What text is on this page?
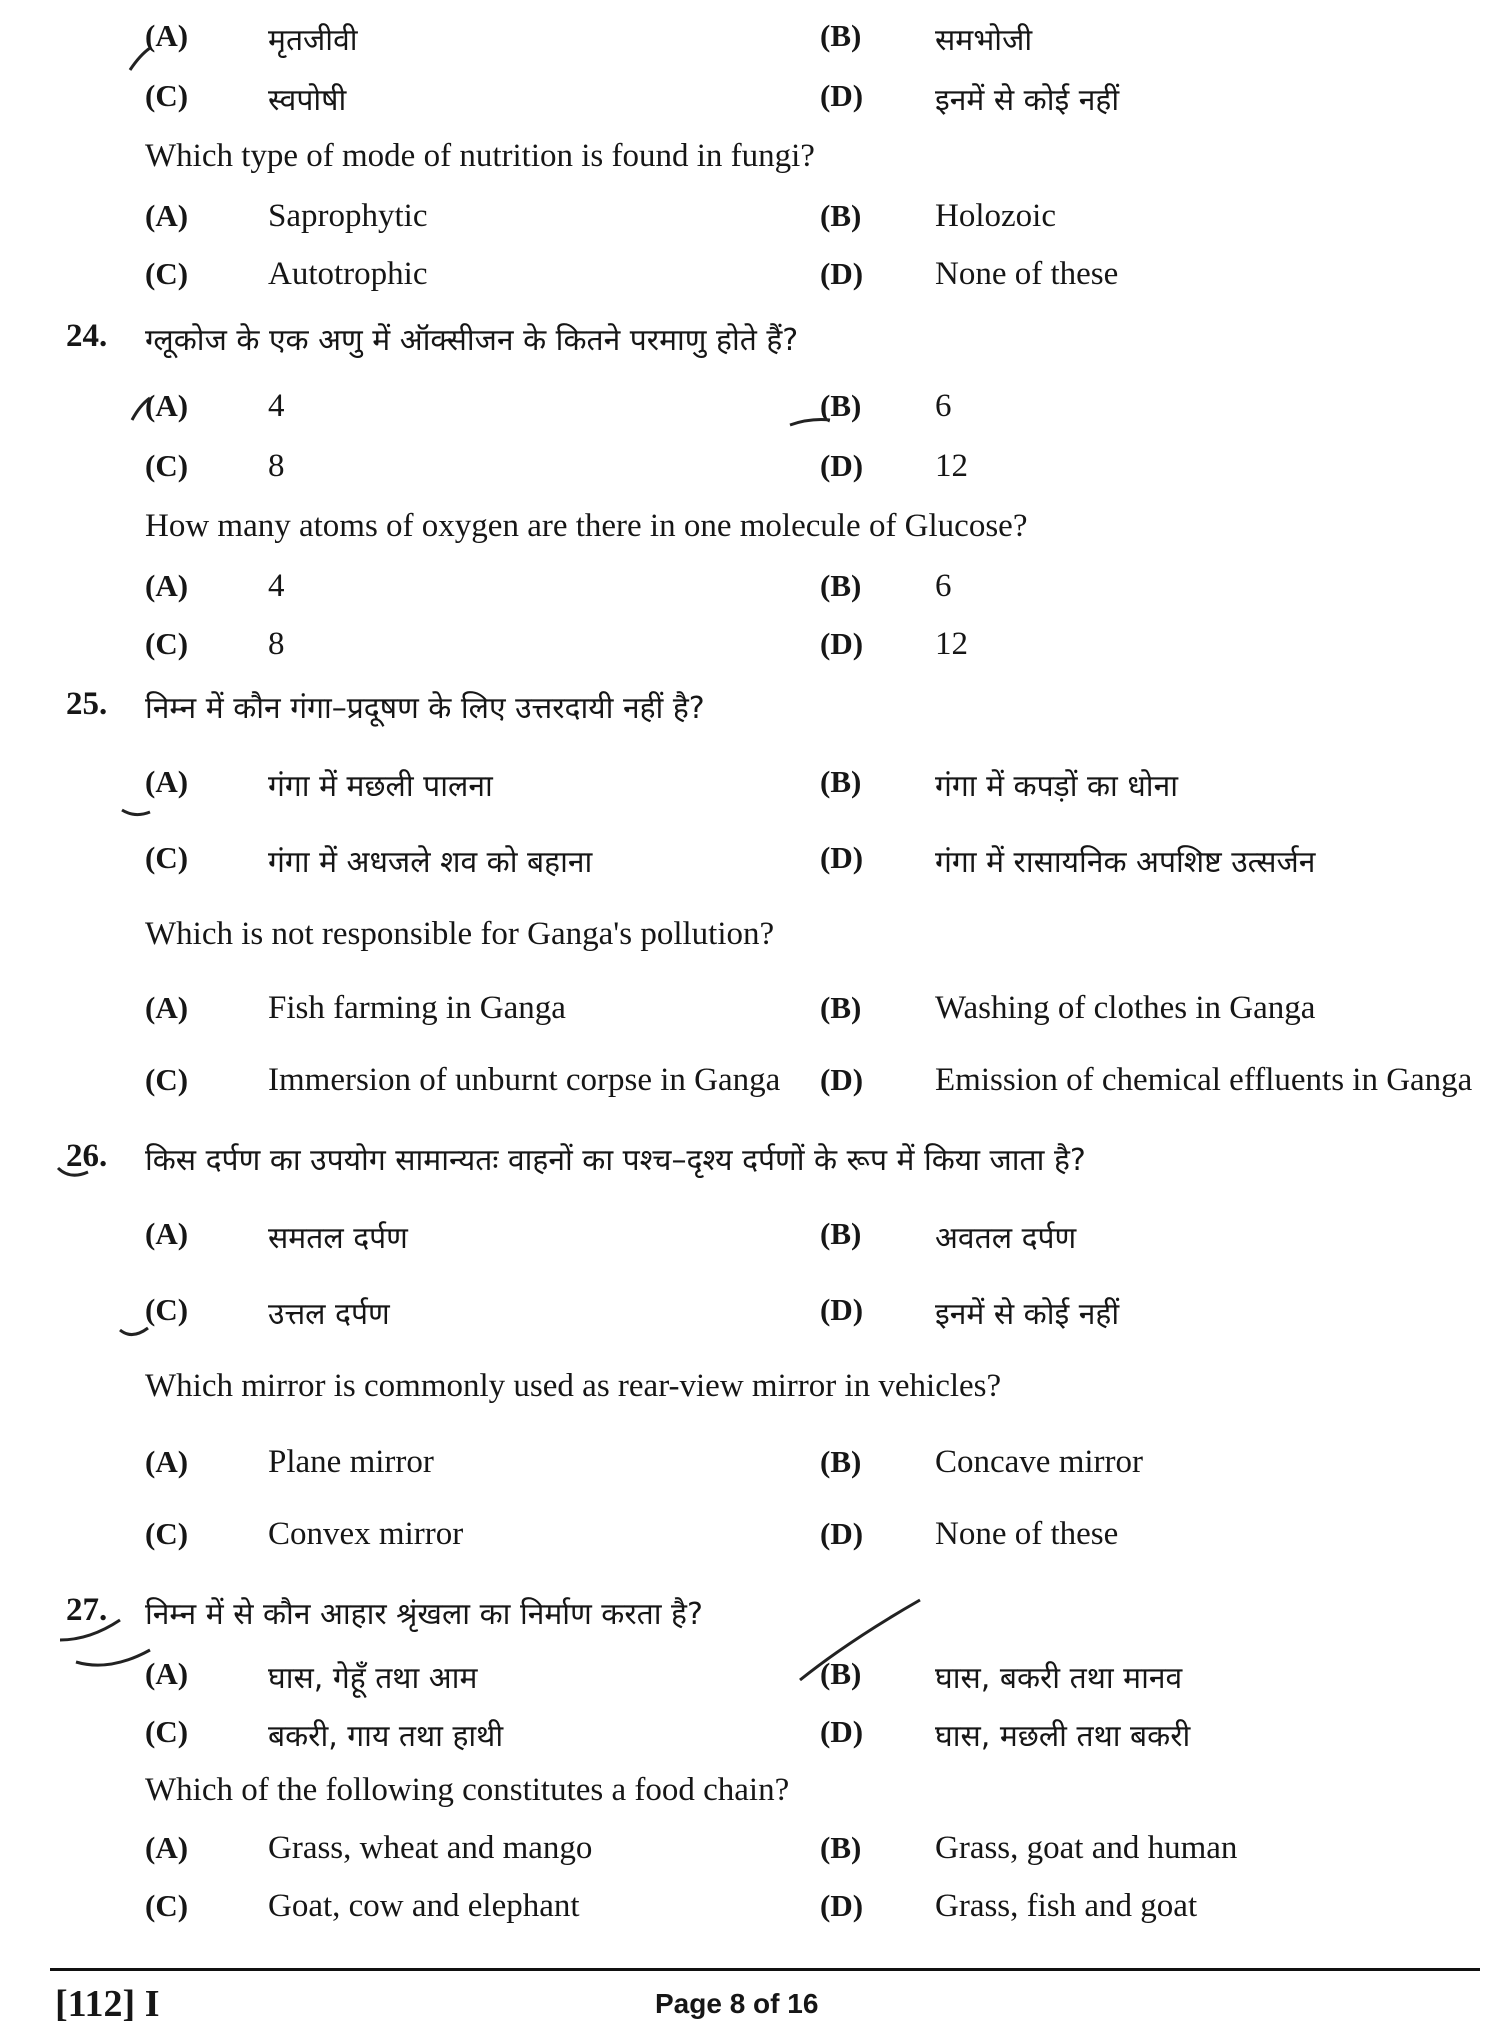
(A)	मृतजीवी	(B) समभोजी
(C)	स्वपोषी	(D) इनमें से कोई नहीं
Which type of mode of nutrition is found in fungi?
(A) Saprophytic	(B) Holozoic
(C) Autotrophic	(D) None of these
24. ग्लूकोज के एक अणु में ऑक्सीजन के कितने परमाणु होते हैं?
(A) 4	(B) 6
(C) 8	(D) 12
How many atoms of oxygen are there in one molecule of Glucose?
(A) 4	(B) 6
(C) 8	(D) 12
25. निम्न में कौन गंगा–प्रदूषण के लिए उत्तरदायी नहीं है?
(A)	गंगा में मछली पालना	(B) गंगा में कपड़ों का धोना
(C)	गंगा में अधजले शव को बहाना	(D) गंगा में रासायनिक अपशिष्ट उत्सर्जन
Which is not responsible for Ganga's pollution?
(A) Fish farming in Ganga	(B) Washing of clothes in Ganga
(C) Immersion of unburnt corpse in Ganga (D) Emission of chemical effluents in Ganga
26. किस दर्पण का उपयोग सामान्यतः वाहनों का पश्च–दृश्य दर्पणों के रूप में किया जाता है?
(A)	समतल दर्पण	(B) अवतल दर्पण
(C)	उत्तल दर्पण	(D) इनमें से कोई नहीं
Which mirror is commonly used as rear-view mirror in vehicles?
(A) Plane mirror	(B) Concave mirror
(C) Convex mirror	(D) None of these
27. निम्न में से कौन आहार श्रृंखला का निर्माण करता है?
(A)	घास, गेहूँ तथा आम	(B) घास, बकरी तथा मानव
(C)	बकरी, गाय तथा हाथी	(D) घास, मछली तथा बकरी
Which of the following constitutes a food chain?
(A) Grass, wheat and mango	(B) Grass, goat and human
(C) Goat, cow and elephant	(D) Grass, fish and goat
[112] I	Page 8 of 16
